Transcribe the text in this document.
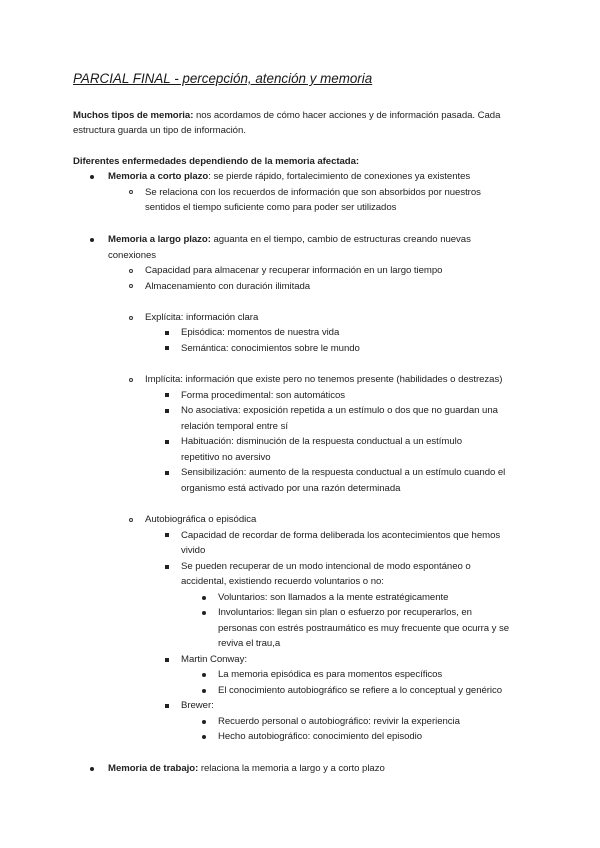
PARCIAL FINAL - percepción, atención y memoria
Muchos tipos de memoria: nos acordamos de cómo hacer acciones y de información pasada. Cada
estructura guarda un tipo de información.
Diferentes enfermedades dependiendo de la memoria afectada:
Memoria a corto plazo: se pierde rápido, fortalecimiento de conexiones ya existentes
Se relaciona con los recuerdos de información que son absorbidos por nuestros
sentidos el tiempo suficiente como para poder ser utilizados
Memoria a largo plazo: aguanta en el tiempo, cambio de estructuras creando nuevas
conexiones
Capacidad para almacenar y recuperar información en un largo tiempo
Almacenamiento con duración ilimitada
Explícita: información clara
Episódica: momentos de nuestra vida
Semántica: conocimientos sobre le mundo
Implícita: información que existe pero no tenemos presente (habilidades o destrezas)
Forma procedimental: son automáticos
No asociativa: exposición repetida a un estímulo o dos que no guardan una
relación temporal entre sí
Habituación: disminución de la respuesta conductual a un estímulo
repetitivo no aversivo
Sensibilización: aumento de la respuesta conductual a un estímulo cuando el
organismo está activado por una razón determinada
Autobiográfica o episódica
Capacidad de recordar de forma deliberada los acontecimientos que hemos
vivido
Se pueden recuperar de un modo intencional de modo espontáneo o
accidental, existiendo recuerdo voluntarios o no:
Voluntarios: son llamados a la mente estratégicamente
Involuntarios: llegan sin plan o esfuerzo por recuperarlos, en
personas con estrés postraumático es muy frecuente que ocurra y se
reviva el trau,a
Martin Conway:
La memoria episódica es para momentos específicos
El conocimiento autobiográfico se refiere a lo conceptual y genérico
Brewer:
Recuerdo personal o autobiográfico: revivir la experiencia
Hecho autobiográfico: conocimiento del episodio
Memoria de trabajo: relaciona la memoria a largo y a corto plazo
